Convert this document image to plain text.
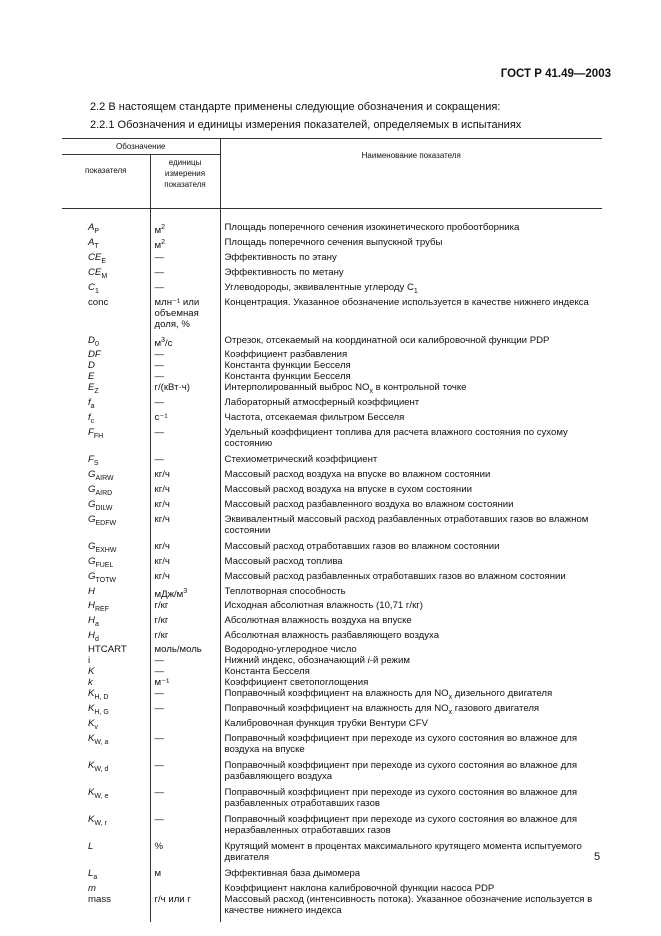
ГОСТ Р 41.49—2003
2.2 В настоящем стандарте применены следующие обозначения и сокращения:
2.2.1 Обозначения и единицы измерения показателей, определяемых в испытаниях
Обозначение		Наименование показателя
показателя	единицы измерения показателя	

$A_P$	$м^2$	Площадь поперечного сечения изокинетического пробоотборника
$A_T$	$м^2$	Площадь поперечного сечения выпускной трубы
$CE_E$	—	Эффективность по этану
$CE_M$	—	Эффективность по метану
$C_1$	—	Углеводороды, эквивалентные углероду $C_1$
conc	млн⁻¹ или объемная доля, %	Концентрация. Указанное обозначение используется в качестве нижнего индекса
$D_0$	$м^3/с$	Отрезок, отсекаемый на координатной оси калибровочной функции PDP
DF	—	Коэффициент разбавления
D	—	Константа функции Бесселя
E	—	Константа функции Бесселя
$E_Z$	г/(кВт·ч)	Интерполированный выброс $NO_x$ в контрольной точке
$f_a$	—	Лабораторный атмосферный коэффициент
$f_c$	с⁻¹	Частота, отсекаемая фильтром Бесселя
$F_{FH}$	—	Удельный коэффициент топлива для расчета влажного состояния по сухому состоянию
$F_S$	—	Стехиометрический коэффициент
$G_{AIRW}$	кг/ч	Массовый расход воздуха на впуске во влажном состоянии
$G_{AIRD}$	кг/ч	Массовый расход воздуха на впуске в сухом состоянии
$G_{DILW}$	кг/ч	Массовый расход разбавленного воздуха во влажном состоянии
$G_{EDFW}$	кг/ч	Эквивалентный массовый расход разбавленных отработавших газов во влажном состоянии
$G_{EXHW}$	кг/ч	Массовый расход отработавших газов во влажном состоянии
$G_{FUEL}$	кг/ч	Массовый расход топлива
$G_{TOTW}$	кг/ч	Массовый расход разбавленных отработавших газов во влажном состоянии
H	мДж/$м^3$	Теплотворная способность
$H_{REF}$	г/кг	Исходная абсолютная влажность (10,71 г/кг)
$H_a$	г/кг	Абсолютная влажность воздуха на впуске
$H_d$	г/кг	Абсолютная влажность разбавляющего воздуха
HTCART	моль/моль	Водородно-углеродное число
i	—	Нижний индекс, обозначающий i-й режим
K	—	Константа Бесселя
k	м⁻¹	Коэффициент светопоглощения
$K_{H, D}$	—	Поправочный коэффициент на влажность для $NO_x$ дизельного двигателя
$K_{H, G}$	—	Поправочный коэффициент на влажность для $NO_x$ газового двигателя
$K_v$		Калибровочная функция трубки Вентури CFV
$K_{W, a}$	—	Поправочный коэффициент при переходе из сухого состояния во влажное для воздуха на впуске
$K_{W, d}$	—	Поправочный коэффициент при переходе из сухого состояния во влажное для разбавляющего воздуха
$K_{W, e}$	—	Поправочный коэффициент при переходе из сухого состояния во влажное для разбавленных отработавших газов
$K_{W, r}$	—	Поправочный коэффициент при переходе из сухого состояния во влажное для неразбавленных отработавших газов
L	%	Крутящий момент в процентах максимального крутящего момента испытуемого двигателя
$L_a$	м	Эффективная база дымомера
m		Коэффициент наклона калибровочной функции насоса PDP
mass	г/ч или г	Массовый расход (интенсивность потока). Указанное обозначение используется в качестве нижнего индекса
5
